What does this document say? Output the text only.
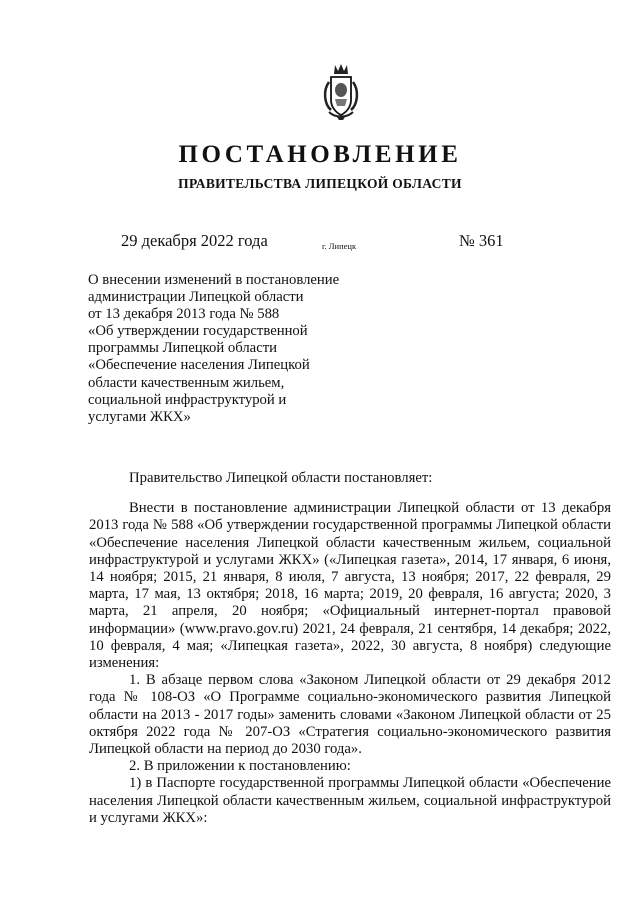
ПОСТАНОВЛЕНИЕ
ПРАВИТЕЛЬСТВА ЛИПЕЦКОЙ ОБЛАСТИ
29 декабря 2022 года	г. Липецк	№ 361
О внесении изменений в постановление
администрации Липецкой области
от 13 декабря 2013 года № 588
«Об утверждении государственной
программы Липецкой области
«Обеспечение населения Липецкой
области качественным жильем,
социальной инфраструктурой и
услугами ЖКХ»

Правительство Липецкой области постановляет:

Внести в постановление администрации Липецкой области от 13 декабря 2013 года № 588 «Об утверждении государственной программы Липецкой области «Обеспечение населения Липецкой области качественным жильем, социальной инфраструктурой и услугами ЖКХ» («Липецкая газета», 2014, 17 января, 6 июня, 14 ноября; 2015, 21 января, 8 июля, 7 августа, 13 ноября; 2017, 22 февраля, 29 марта, 17 мая, 13 октября; 2018, 16 марта; 2019, 20 февраля, 16 августа; 2020, 3 марта, 21 апреля, 20 ноября; «Официальный интернет-портал правовой информации» (www.pravo.gov.ru) 2021, 24 февраля, 21 сентября, 14 декабря; 2022, 10 февраля, 4 мая; «Липецкая газета», 2022, 30 августа, 8 ноября) следующие изменения:

1. В абзаце первом слова «Законом Липецкой области от 29 декабря 2012 года № 108-ОЗ «О Программе социально-экономического развития Липецкой области на 2013 - 2017 годы» заменить словами «Законом Липецкой области от 25 октября 2022 года № 207-ОЗ «Стратегия социально-экономического развития Липецкой области на период до 2030 года».

2. В приложении к постановлению:

1) в Паспорте государственной программы Липецкой области «Обеспечение населения Липецкой области качественным жильем, социальной инфраструктурой и услугами ЖКХ»:
